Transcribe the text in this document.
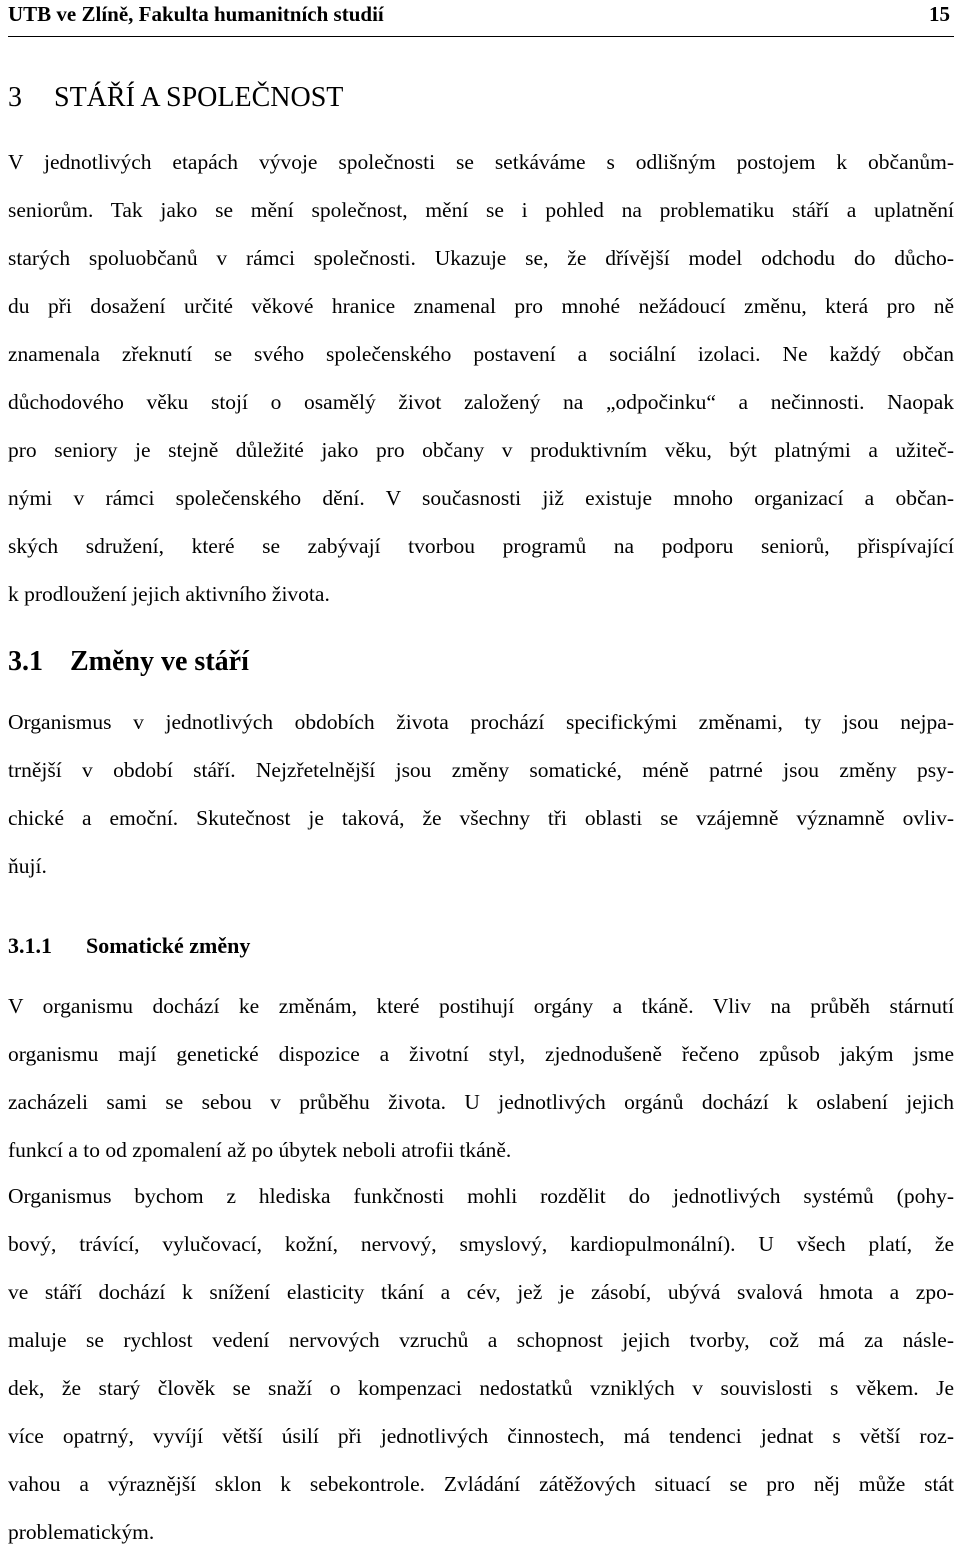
UTB ve Zlíně, Fakulta humanitních studií	15
3 STÁŘÍ A SPOLEČNOST
V jednotlivých etapách vývoje společnosti se setkáváme s odlišným postojem k občanům-
seniorům. Tak jako se mění společnost, mění se i pohled na problematiku stáří a uplatnění
starých spoluobčanů v rámci společnosti. Ukazuje se, že dřívější model odchodu do důcho-
du při dosažení určité věkové hranice znamenal pro mnohé nežádoucí změnu, která pro ně
znamenala zřeknutí se svého společenského postavení a sociální izolaci. Ne každý občan
důchodového věku stojí o osamělý život založený na „odpočinku“ a nečinnosti. Naopak
pro seniory je stejně důležité jako pro občany v produktivním věku, být platnými a užiteč-
nými v rámci společenského dění. V současnosti již existuje mnoho organizací a občan-
ských sdružení, které se zabývají tvorbou programů na podporu seniorů, přispívající
k prodloužení jejich aktivního života.
3.1 Změny ve stáří
Organismus v jednotlivých obdobích života prochází specifickými změnami, ty jsou nejpa-
trnější v období stáří. Nejzřetelnější jsou změny somatické, méně patrné jsou změny psy-
chické a emoční. Skutečnost je taková, že všechny tři oblasti se vzájemně významně ovliv-
ňují.
3.1.1 Somatické změny
V organismu dochází ke změnám, které postihují orgány a tkáně. Vliv na průběh stárnutí
organismu mají genetické dispozice a životní styl, zjednodušeně řečeno způsob jakým jsme
zacházeli sami se sebou v průběhu života. U jednotlivých orgánů dochází k oslabení jejich
funkcí a to od zpomalení až po úbytek neboli atrofii tkáně.
Organismus bychom z hlediska funkčnosti mohli rozdělit do jednotlivých systémů (pohy-
bový, trávící, vylučovací, kožní, nervový, smyslový, kardiopulmonální). U všech platí, že
ve stáří dochází k snížení elasticity tkání a cév, jež je zásobí, ubývá svalová hmota a zpo-
maluje se rychlost vedení nervových vzruchů a schopnost jejich tvorby, což má za násle-
dek, že starý člověk se snaží o kompenzaci nedostatků vzniklých v souvislosti s věkem. Je
více opatrný, vyvíjí větší úsilí při jednotlivých činnostech, má tendenci jednat s větší roz-
vahou a výraznější sklon k sebekontrole. Zvládání zátěžových situací se pro něj může stát
problematickým.
